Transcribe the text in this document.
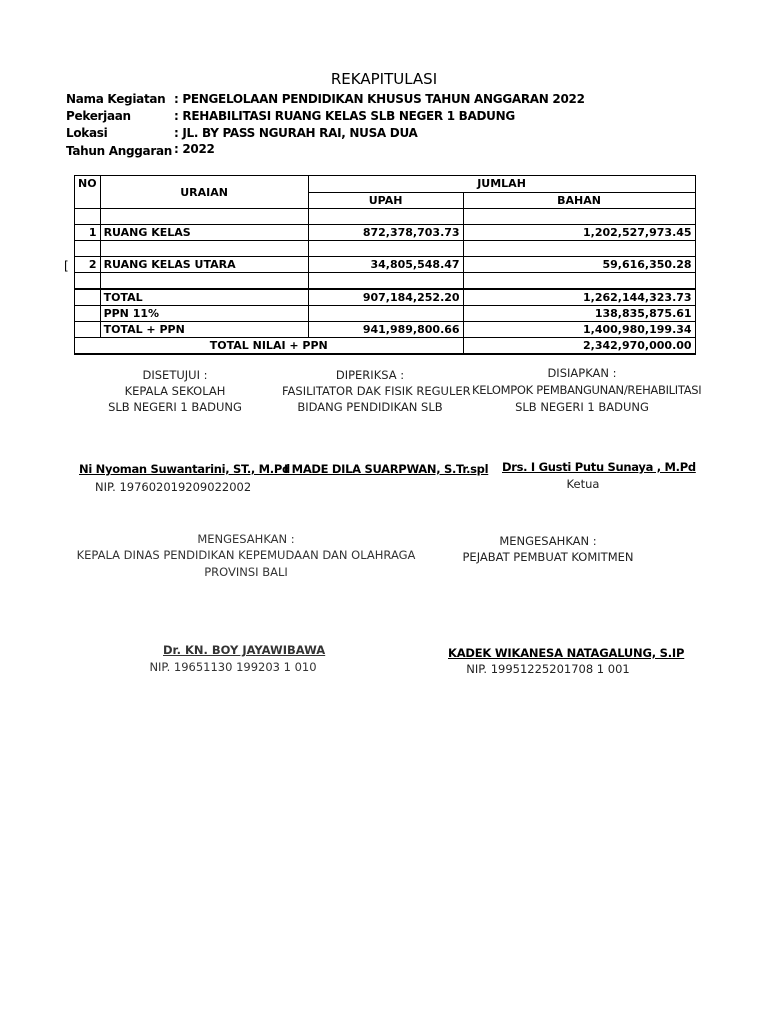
REKAPITULASI
Nama Kegiatan : PENGELOLAAN PENDIDIKAN KHUSUS TAHUN ANGGARAN 2022
Pekerjaan	: REHABILITASI RUANG KELAS SLB NEGER 1 BADUNG
Lokasi	: JL. BY PASS NGURAH RAI, NUSA DUA
Tahun Anggaran : 2022
[
NO	URAIAN	JUMLAH	
		UPAH	BAHAN

1	RUANG KELAS	872,378,703.73	1,202,527,973.45

2	RUANG KELAS UTARA	34,805,548.47	59,616,350.28

	TOTAL	907,184,252.20	1,262,144,323.73
	PPN 11%		138,835,875.61
	TOTAL + PPN	941,989,800.66	1,400,980,199.34
TOTAL NILAI + PPN			2,342,970,000.00
DISETUJUI :
KEPALA SEKOLAH
SLB NEGERI 1 BADUNG
DIPERIKSA :
FASILITATOR DAK FISIK REGULER
BIDANG PENDIDIKAN SLB
DISIAPKAN :
KELOMPOK PEMBANGUNAN/REHABILITASI
SLB NEGERI 1 BADUNG
Ni Nyoman Suwantarini, ST., M.Pd
NIP. 197602019209022002
I MADE DILA SUARPWAN, S.Tr.spl Drs. I Gusti Putu Sunaya , M.Pd
Ketua
MENGESAHKAN :
KEPALA DINAS PENDIDIKAN KEPEMUDAAN DAN OLAHRAGA
PROVINSI BALI
MENGESAHKAN :
PEJABAT PEMBUAT KOMITMEN
Dr. KN. BOY JAYAWIBAWA
NIP. 19651130 199203 1 010
KADEK WIKANESA NATAGALUNG, S.IP
NIP. 19951225201708 1 001
